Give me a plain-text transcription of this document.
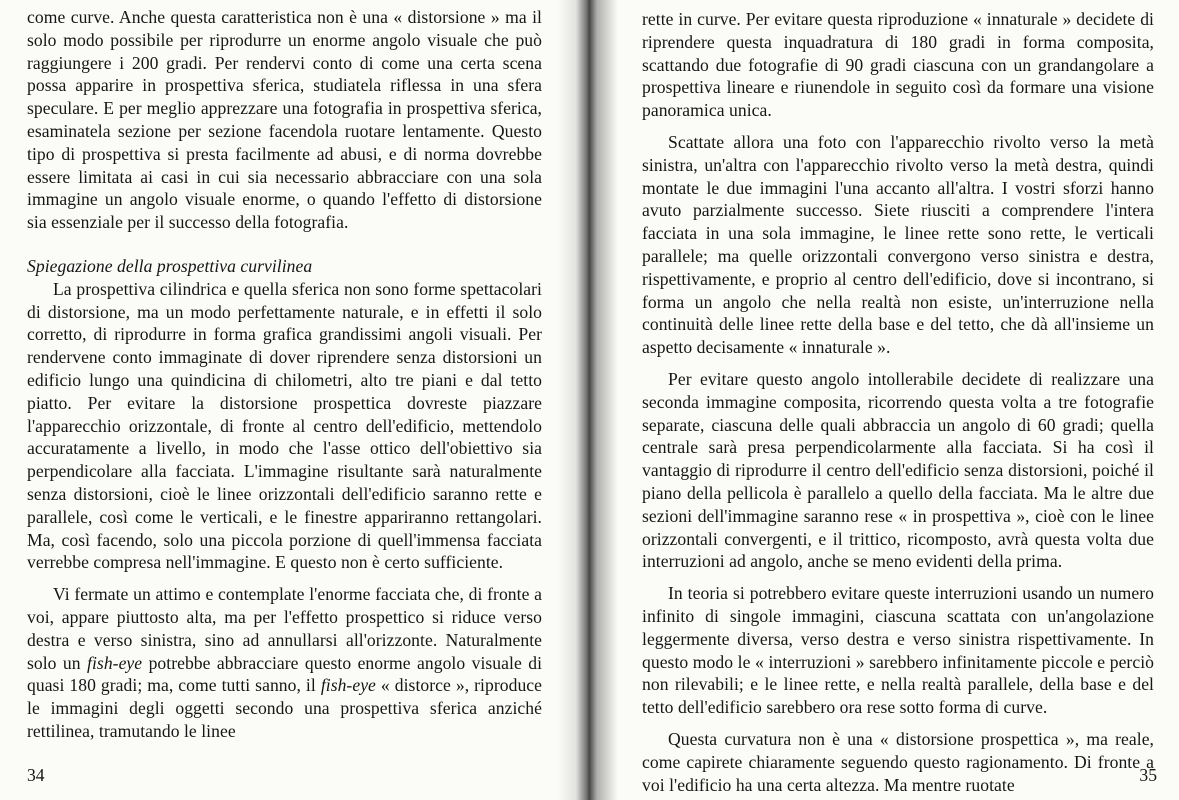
come curve. Anche questa caratteristica non è una « distorsione » ma il solo modo possibile per riprodurre un enorme angolo visuale che può raggiungere i 200 gradi. Per rendervi conto di come una certa scena possa apparire in prospettiva sferica, studiatela riflessa in una sfera speculare. E per meglio apprezzare una fotografia in prospettiva sferica, esaminatela sezione per sezione facendola ruotare lentamente. Questo tipo di prospettiva si presta facilmente ad abusi, e di norma dovrebbe essere limitata ai casi in cui sia necessario abbracciare con una sola immagine un angolo visuale enorme, o quando l'effetto di distorsione sia essenziale per il successo della fotografia.

Spiegazione della prospettiva curvilinea

La prospettiva cilindrica e quella sferica non sono forme spettacolari di distorsione, ma un modo perfettamente naturale, e in effetti il solo corretto, di riprodurre in forma grafica grandissimi angoli visuali. Per rendervene conto immaginate di dover riprendere senza distorsioni un edificio lungo una quindicina di chilometri, alto tre piani e dal tetto piatto. Per evitare la distorsione prospettica dovreste piazzare l'apparecchio orizzontale, di fronte al centro dell'edificio, mettendolo accuratamente a livello, in modo che l'asse ottico dell'obiettivo sia perpendicolare alla facciata. L'immagine risultante sarà naturalmente senza distorsioni, cioè le linee orizzontali dell'edificio saranno rette e parallele, così come le verticali, e le finestre appariranno rettangolari. Ma, così facendo, solo una piccola porzione di quell'immensa facciata verrebbe compresa nell'immagine. E questo non è certo sufficiente.

Vi fermate un attimo e contemplate l'enorme facciata che, di fronte a voi, appare piuttosto alta, ma per l'effetto prospettico si riduce verso destra e verso sinistra, sino ad annullarsi all'orizzonte. Naturalmente solo un fish-eye potrebbe abbracciare questo enorme angolo visuale di quasi 180 gradi; ma, come tutti sanno, il fish-eye « distorce », riproduce le immagini degli oggetti secondo una prospettiva sferica anziché rettilinea, tramutando le linee

34

rette in curve. Per evitare questa riproduzione « innaturale » decidete di riprendere questa inquadratura di 180 gradi in forma composita, scattando due fotografie di 90 gradi ciascuna con un grandangolare a prospettiva lineare e riunendole in seguito così da formare una visione panoramica unica.

Scattate allora una foto con l'apparecchio rivolto verso la metà sinistra, un'altra con l'apparecchio rivolto verso la metà destra, quindi montate le due immagini l'una accanto all'altra. I vostri sforzi hanno avuto parzialmente successo. Siete riusciti a comprendere l'intera facciata in una sola immagine, le linee rette sono rette, le verticali parallele; ma quelle orizzontali convergono verso sinistra e destra, rispettivamente, e proprio al centro dell'edificio, dove si incontrano, si forma un angolo che nella realtà non esiste, un'interruzione nella continuità delle linee rette della base e del tetto, che dà all'insieme un aspetto decisamente « innaturale ».

Per evitare questo angolo intollerabile decidete di realizzare una seconda immagine composita, ricorrendo questa volta a tre fotografie separate, ciascuna delle quali abbraccia un angolo di 60 gradi; quella centrale sarà presa perpendicolarmente alla facciata. Si ha così il vantaggio di riprodurre il centro dell'edificio senza distorsioni, poiché il piano della pellicola è parallelo a quello della facciata. Ma le altre due sezioni dell'immagine saranno rese « in prospettiva », cioè con le linee orizzontali convergenti, e il trittico, ricomposto, avrà questa volta due interruzioni ad angolo, anche se meno evidenti della prima.

In teoria si potrebbero evitare queste interruzioni usando un numero infinito di singole immagini, ciascuna scattata con un'angolazione leggermente diversa, verso destra e verso sinistra rispettivamente. In questo modo le « interruzioni » sarebbero infinitamente piccole e perciò non rilevabili; e le linee rette, e nella realtà parallele, della base e del tetto dell'edificio sarebbero ora rese sotto forma di curve.

Questa curvatura non è una « distorsione prospettica », ma reale, come capirete chiaramente seguendo questo ragionamento. Di fronte a voi l'edificio ha una certa altezza. Ma mentre ruotate	35
